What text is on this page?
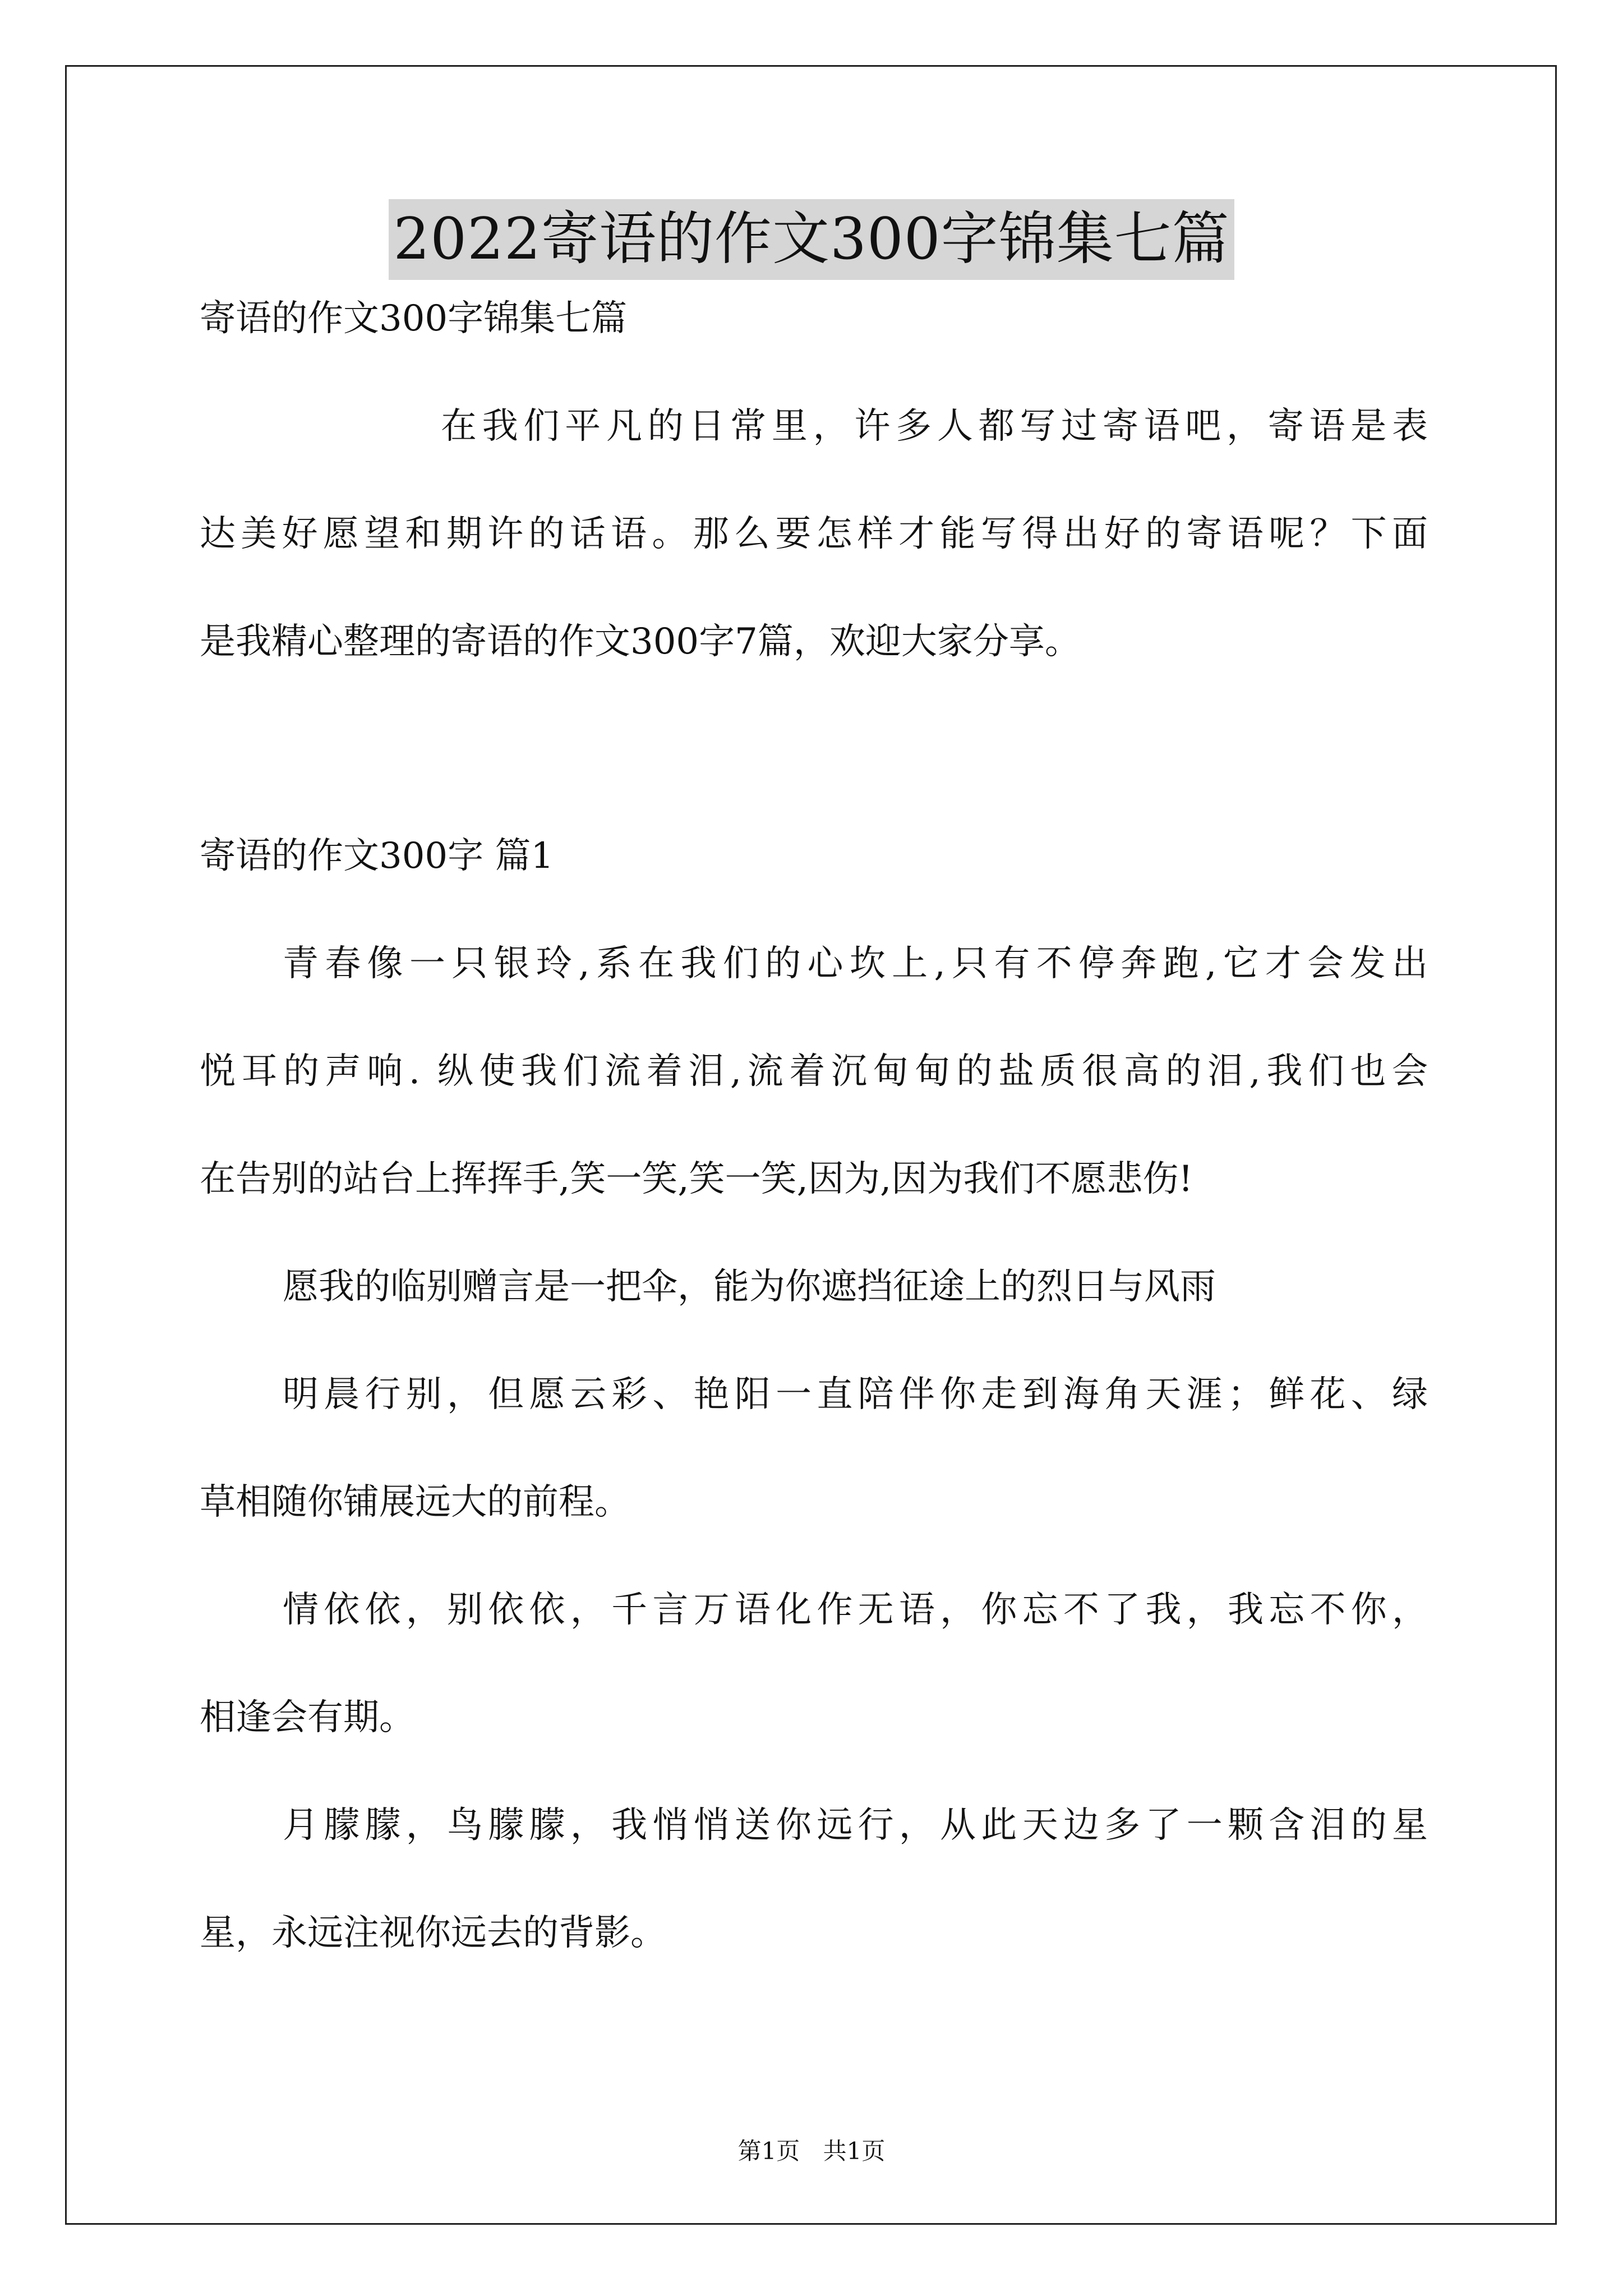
2022寄语的作文300字锦集七篇
寄语的作文300字锦集七篇
在我们平凡的日常里，许多人都写过寄语吧，寄语是表
达美好愿望和期许的话语。那么要怎样才能写得出好的寄语呢？下面
是我精心整理的寄语的作文300字7篇，欢迎大家分享。
寄语的作文300字 篇1
青春像一只银玲,系在我们的心坎上,只有不停奔跑,它才会发出
悦耳的声响. 纵使我们流着泪,流着沉甸甸的盐质很高的泪,我们也会
在告别的站台上挥挥手,笑一笑,笑一笑,因为,因为我们不愿悲伤!
愿我的临别赠言是一把伞，能为你遮挡征途上的烈日与风雨
明晨行别，但愿云彩、艳阳一直陪伴你走到海角天涯；鲜花、绿
草相随你铺展远大的前程。
情依依，别依依，千言万语化作无语，你忘不了我，我忘不你，
相逢会有期。
月朦朦，鸟朦朦，我悄悄送你远行，从此天边多了一颗含泪的星
星，永远注视你远去的背影。
第1页 共1页
